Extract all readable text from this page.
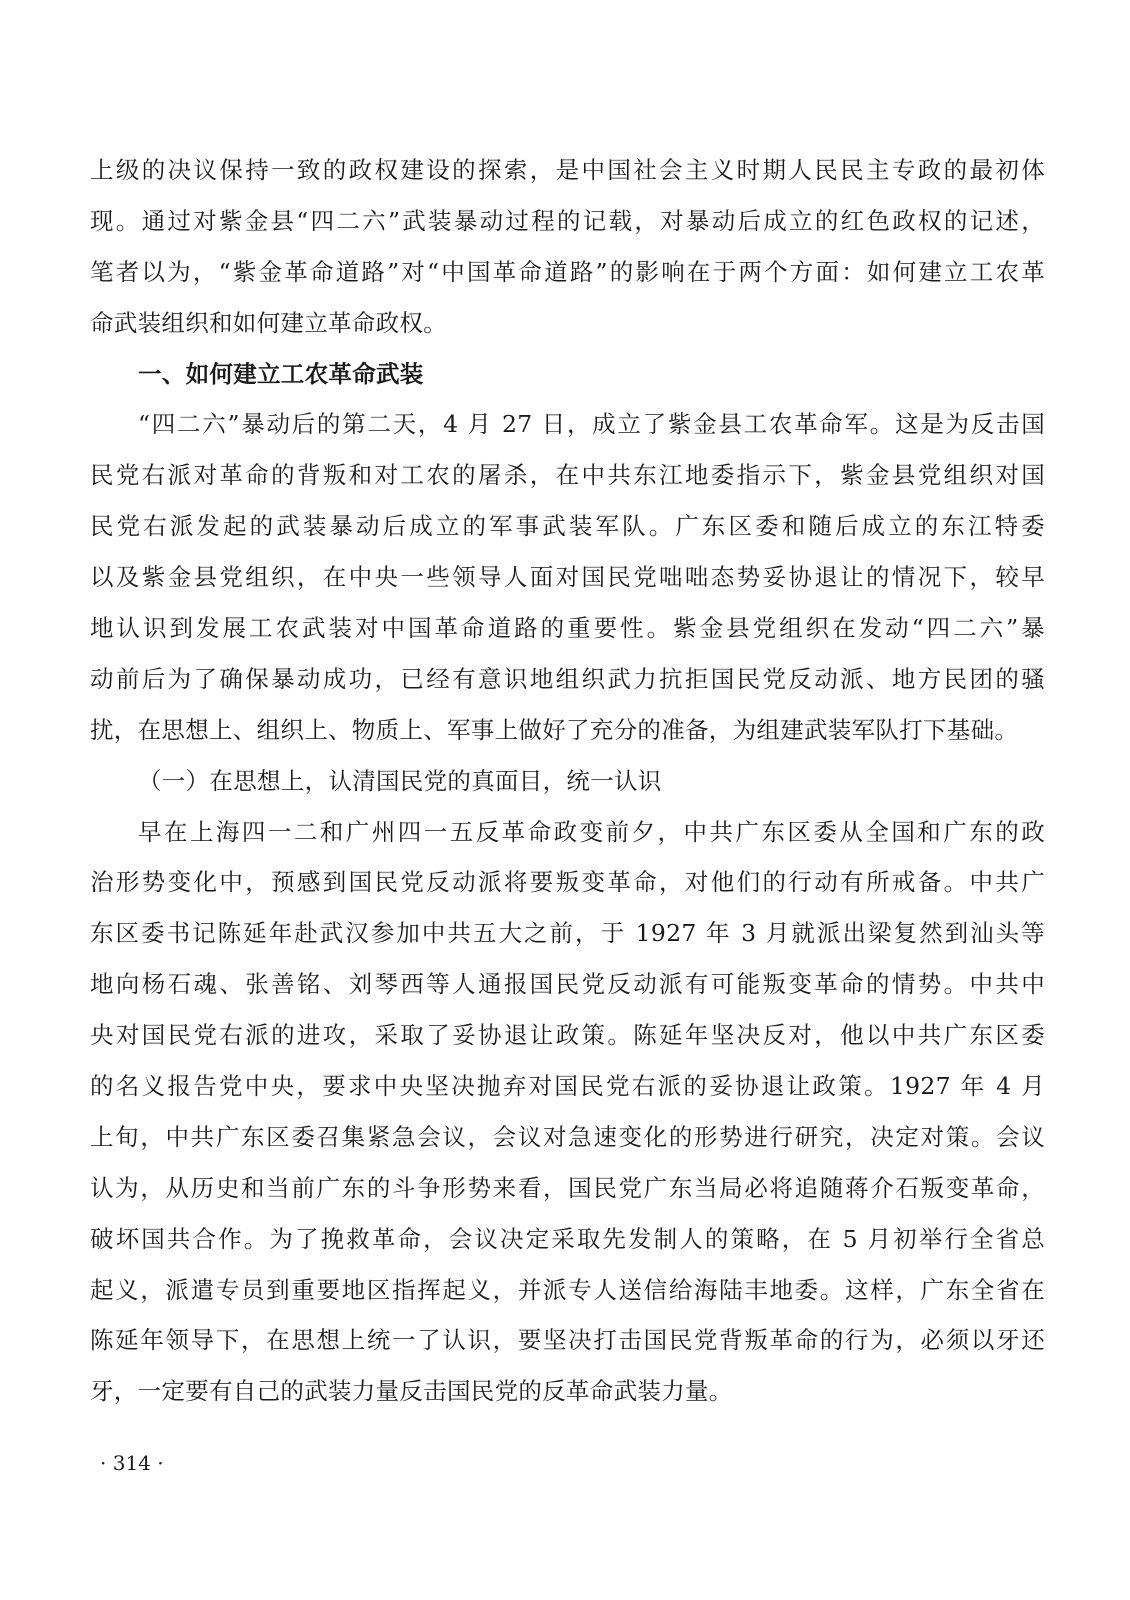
上级的决议保持一致的政权建设的探索，是中国社会主义时期人民民主专政的最初体
现。通过对紫金县“四二六”武装暴动过程的记载，对暴动后成立的红色政权的记述，
笔者以为，“紫金革命道路”对“中国革命道路”的影响在于两个方面：如何建立工农革
命武装组织和如何建立革命政权。
一、如何建立工农革命武装
“四二六”暴动后的第二天，4 月 27 日，成立了紫金县工农革命军。这是为反击国
民党右派对革命的背叛和对工农的屠杀，在中共东江地委指示下，紫金县党组织对国
民党右派发起的武装暴动后成立的军事武装军队。广东区委和随后成立的东江特委
以及紫金县党组织，在中央一些领导人面对国民党咄咄态势妥协退让的情况下，较早
地认识到发展工农武装对中国革命道路的重要性。紫金县党组织在发动“四二六”暴
动前后为了确保暴动成功，已经有意识地组织武力抗拒国民党反动派、地方民团的骚
扰，在思想上、组织上、物质上、军事上做好了充分的准备，为组建武装军队打下基础。
（一）在思想上，认清国民党的真面目，统一认识
早在上海四一二和广州四一五反革命政变前夕，中共广东区委从全国和广东的政
治形势变化中，预感到国民党反动派将要叛变革命，对他们的行动有所戒备。中共广
东区委书记陈延年赴武汉参加中共五大之前，于 1927 年 3 月就派出梁复然到汕头等
地向杨石魂、张善铭、刘琴西等人通报国民党反动派有可能叛变革命的情势。中共中
央对国民党右派的进攻，采取了妥协退让政策。陈延年坚决反对，他以中共广东区委
的名义报告党中央，要求中央坚决抛弃对国民党右派的妥协退让政策。1927 年 4 月
上旬，中共广东区委召集紧急会议，会议对急速变化的形势进行研究，决定对策。会议
认为，从历史和当前广东的斗争形势来看，国民党广东当局必将追随蒋介石叛变革命，
破坏国共合作。为了挽救革命，会议决定采取先发制人的策略，在 5 月初举行全省总
起义，派遣专员到重要地区指挥起义，并派专人送信给海陆丰地委。这样，广东全省在
陈延年领导下，在思想上统一了认识，要坚决打击国民党背叛革命的行为，必须以牙还
牙，一定要有自己的武装力量反击国民党的反革命武装力量。
· 314 ·
